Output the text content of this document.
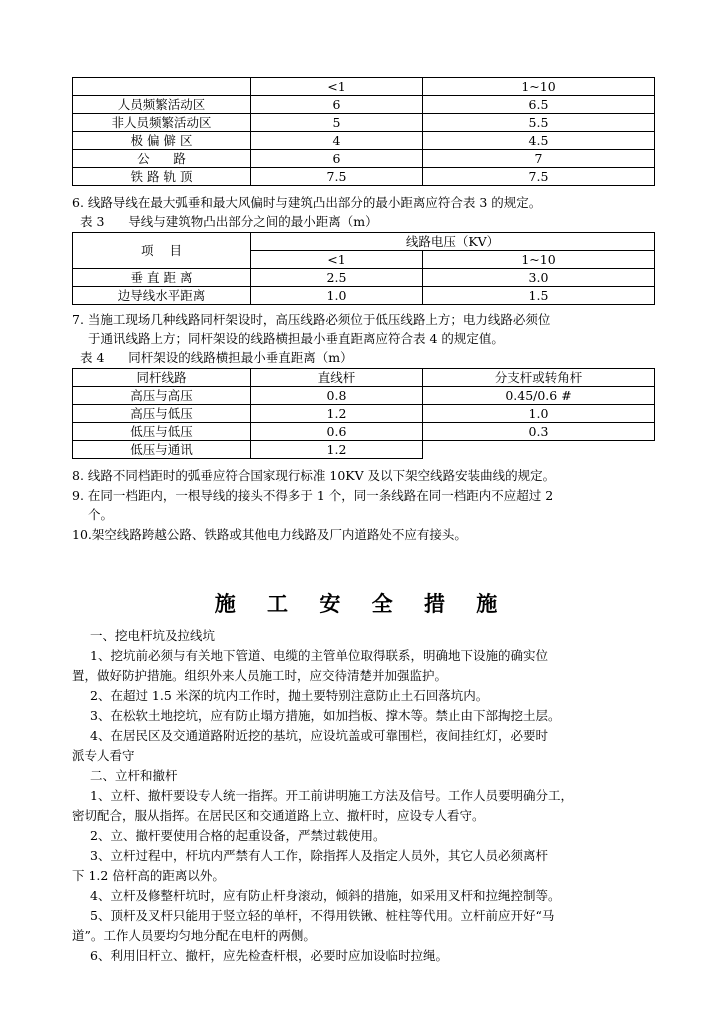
	<1	1~10
人员频繁活动区	6	6.5
非人员频繁活动区	5	5.5
极 偏 僻 区	4	4.5
公      路	6	7
铁 路 轨 顶	7.5	7.5
6. 线路导线在最大弧垂和最大风偏时与建筑凸出部分的最小距离应符合表 3 的规定。
表 3      导线与建筑物凸出部分之间的最小距离（m）
项    目	线路电压（KV）	
	<1	1~10
垂 直 距 离	2.5	3.0
边导线水平距离	1.0	1.5
7. 当施工现场几种线路同杆架设时，高压线路必须位于低压线路上方；电力线路必须位
于通讯线路上方；同杆架设的线路横担最小垂直距离应符合表 4 的规定值。
表 4      同杆架设的线路横担最小垂直距离（m）
同杆线路	直线杆	分支杆或转角杆
高压与高压	0.8	0.45/0.6 #
高压与低压	1.2	1.0
低压与低压	0.6	0.3
低压与通讯	1.2	
8. 线路不同档距时的弧垂应符合国家现行标准 10KV 及以下架空线路安装曲线的规定。
9. 在同一档距内，一根导线的接头不得多于 1 个，同一条线路在同一档距内不应超过 2
个。
10.架空线路跨越公路、铁路或其他电力线路及厂内道路处不应有接头。
施 工 安 全 措 施
一、挖电杆坑及拉线坑
1、挖坑前必须与有关地下管道、电缆的主管单位取得联系，明确地下设施的确实位
置，做好防护措施。组织外来人员施工时，应交待清楚并加强监护。
2、在超过 1.5 米深的坑内工作时，抛土要特别注意防止土石回落坑内。
3、在松软土地挖坑，应有防止塌方措施，如加挡板、撑木等。禁止由下部掏挖土层。
4、在居民区及交通道路附近挖的基坑，应设坑盖或可靠围栏，夜间挂红灯，必要时
派专人看守
二、立杆和撤杆
1、立杆、撤杆要设专人统一指挥。开工前讲明施工方法及信号。工作人员要明确分工，
密切配合，服从指挥。在居民区和交通道路上立、撤杆时，应设专人看守。
2、立、撤杆要使用合格的起重设备，严禁过载使用。
3、立杆过程中，杆坑内严禁有人工作，除指挥人及指定人员外，其它人员必须离杆
下 1.2 倍杆高的距离以外。
4、立杆及修整杆坑时，应有防止杆身滚动，倾斜的措施，如采用叉杆和拉绳控制等。
5、顶杆及叉杆只能用于竖立轻的单杆，不得用铁锹、桩柱等代用。立杆前应开好“马
道”。工作人员要均匀地分配在电杆的两侧。
6、利用旧杆立、撤杆，应先检查杆根，必要时应加设临时拉绳。
